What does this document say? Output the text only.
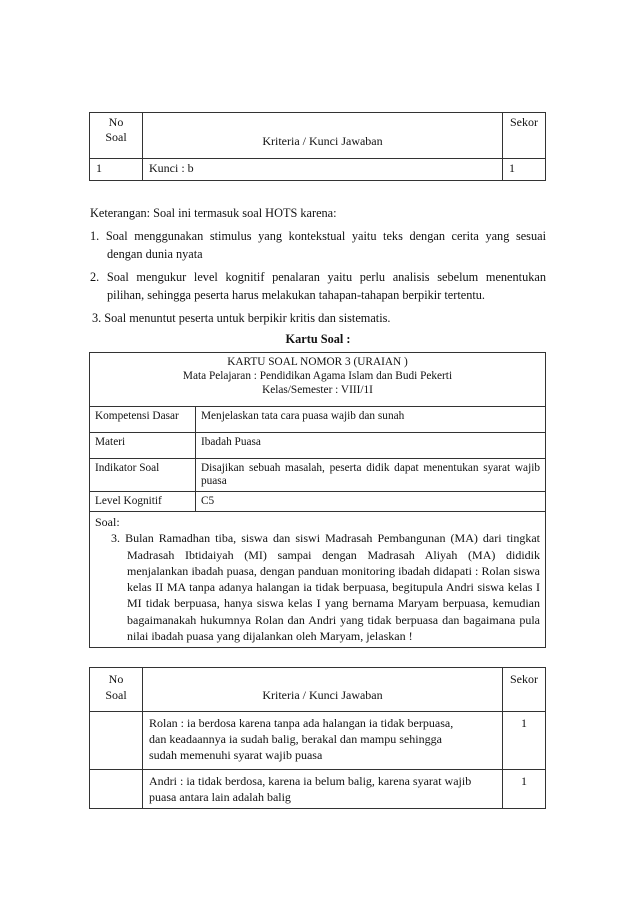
No
Soal	Kriteria / Kunci Jawaban	Sekor
1	Kunci : b	1
Keterangan: Soal ini termasuk soal HOTS karena:
1. Soal menggunakan stimulus yang kontekstual yaitu teks dengan cerita yang sesuai
dengan dunia nyata
2. Soal mengukur level kognitif penalaran yaitu perlu analisis sebelum menentukan
pilihan, sehingga peserta harus melakukan tahapan-tahapan berpikir tertentu.
3. Soal menuntut peserta untuk berpikir kritis dan sistematis.
Kartu Soal :
KARTU SOAL NOMOR 3 (URAIAN )
Mata Pelajaran : Pendidikan Agama Islam dan Budi Pekerti
Kelas/Semester : VIII/1I	

Kompetensi Dasar	Menjelaskan tata cara puasa wajib dan sunah
Materi	Ibadah Puasa
Indikator Soal	Disajikan sebuah masalah, peserta didik dapat menentukan syarat wajib puasa
Level Kognitif	C5

Soal:
3. Bulan Ramadhan tiba, siswa dan siswi Madrasah Pembangunan (MA) dari tingkat Madrasah Ibtidaiyah (MI) sampai dengan Madrasah Aliyah (MA) dididik menjalankan ibadah puasa, dengan panduan monitoring ibadah didapati : Rolan siswa kelas II MA tanpa adanya halangan ia tidak berpuasa, begitupula Andri siswa kelas I MI tidak berpuasa, hanya siswa kelas I yang bernama Maryam berpuasa, kemudian bagaimanakah hukumnya Rolan dan Andri yang tidak berpuasa dan bagaimana pula nilai ibadah puasa yang dijalankan oleh Maryam, jelaskan !	
No
Soal	Kriteria / Kunci Jawaban	Sekor
	Rolan : ia berdosa karena tanpa ada halangan ia tidak berpuasa, dan keadaannya ia sudah balig, berakal dan mampu sehingga sudah memenuhi syarat wajib puasa	1
	Andri : ia tidak berdosa, karena ia belum balig, karena syarat wajib puasa antara lain adalah balig	1
